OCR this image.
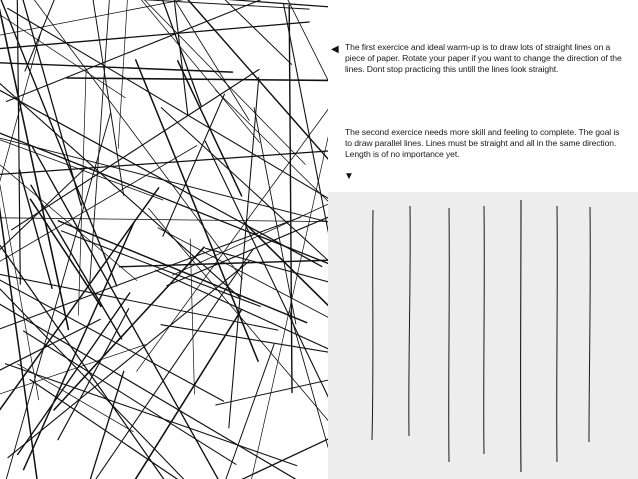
◀ The first exercice and ideal warm-up is to draw lots of straight lines on a piece of paper. Rotate your paper if you want to change the direction of the lines. Dont stop practicing this untill the lines look straight.

The second exercice needs more skill and feeling to complete. The goal is to draw parallel lines. Lines must be straight and all in the same direction. Length is of no importance yet.

▼
